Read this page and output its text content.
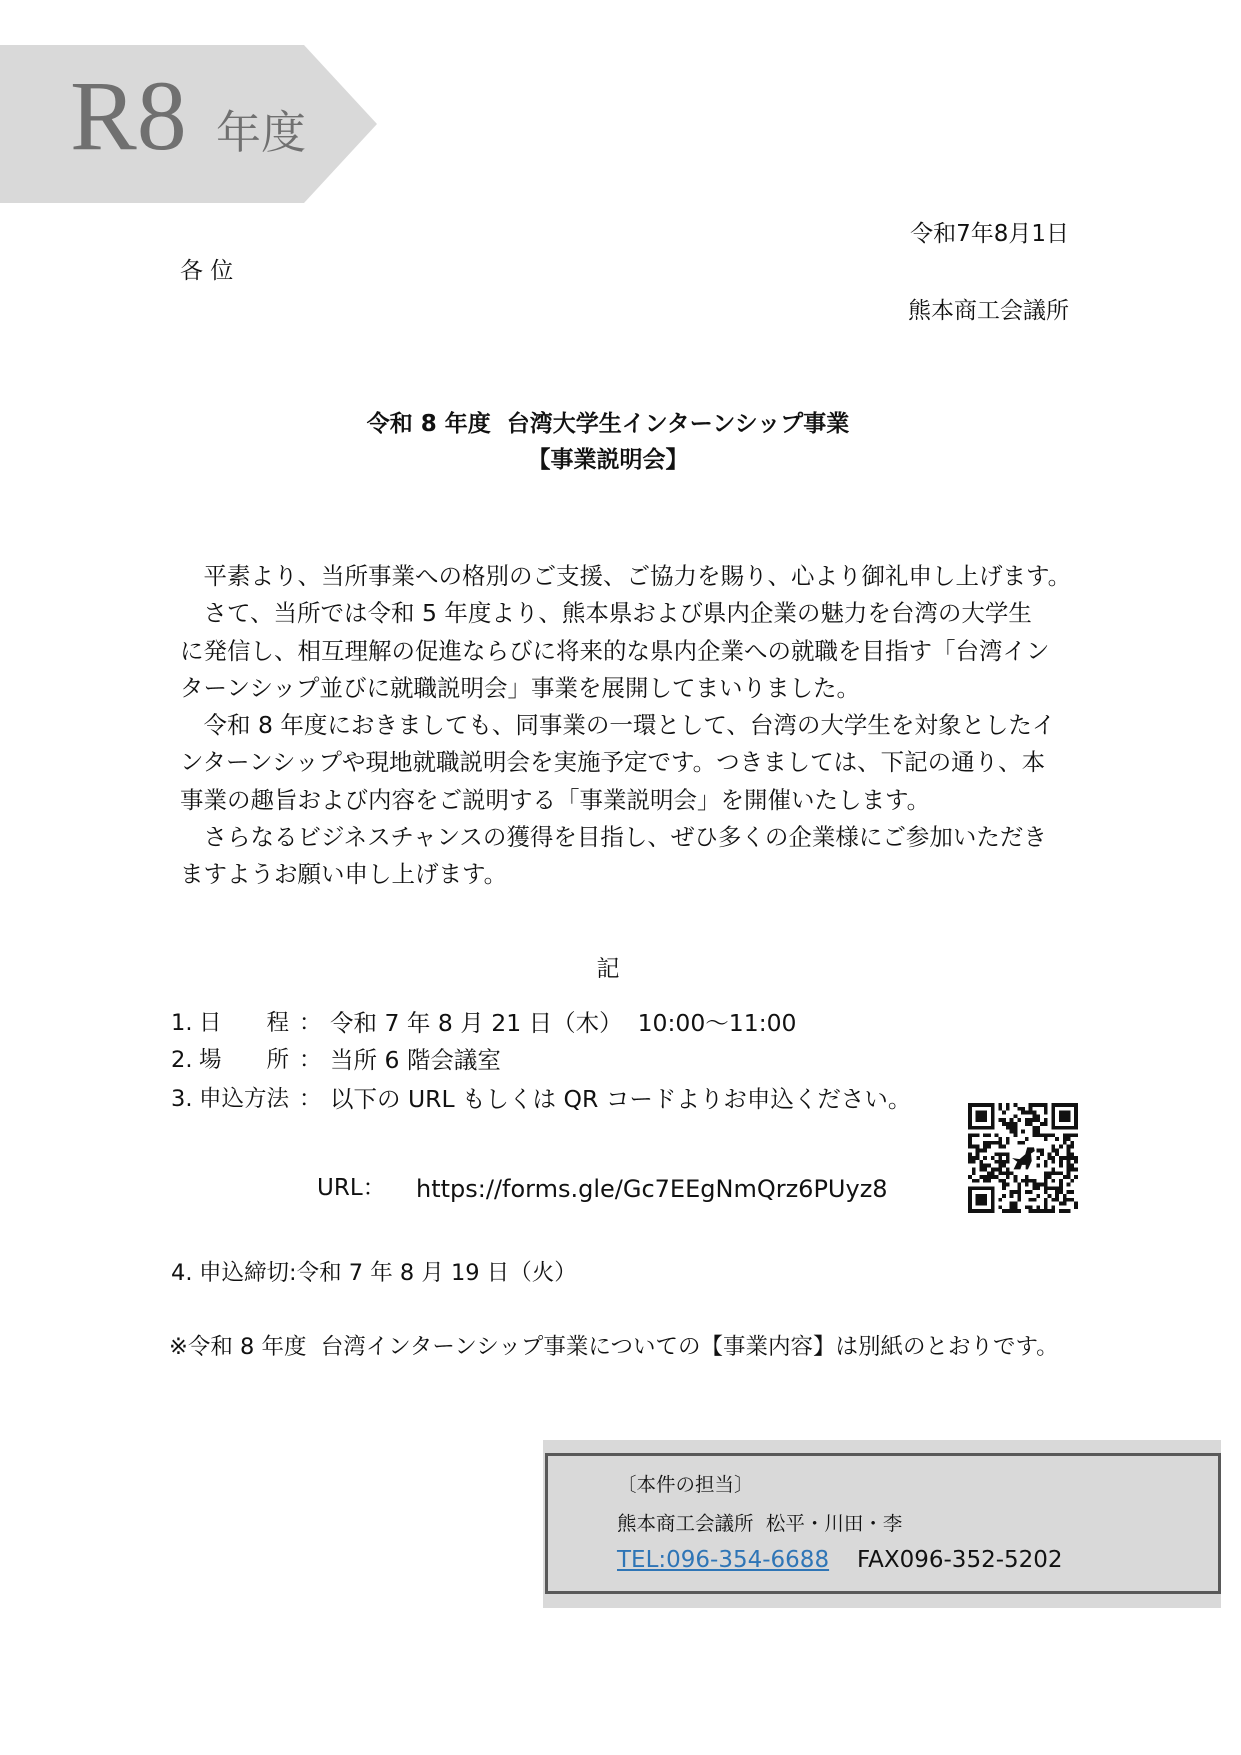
R8 年度
令和7年8月1日
各 位
熊本商工会議所
令和 8 年度  台湾大学生インターンシップ事業
【事業説明会】
　平素より、当所事業への格別のご支援、ご協力を賜り、心より御礼申し上げます。
　さて、当所では令和 5 年度より、熊本県および県内企業の魅力を台湾の大学生
に発信し、相互理解の促進ならびに将来的な県内企業への就職を目指す「台湾イン
ターンシップ並びに就職説明会」事業を展開してまいりました。
　令和 8 年度におきましても、同事業の一環として、台湾の大学生を対象としたイ
ンターンシップや現地就職説明会を実施予定です。つきましては、下記の通り、本
事業の趣旨および内容をご説明する「事業説明会」を開催いたします。
　さらなるビジネスチャンスの獲得を目指し、ぜひ多くの企業様にご参加いただき
ますようお願い申し上げます。
記
1. 日　　程 ： 令和 7 年 8 月 21 日（木）  10:00～11:00
2. 場　　所 ： 当所 6 階会議室
3. 申込方法 ： 以下の URL もしくは QR コードよりお申込ください。
URL： https://forms.gle/Gc7EEgNmQrz6PUyz8
4. 申込締切:令和 7 年 8 月 19 日（火）
※令和 8 年度  台湾インターンシップ事業についての【事業内容】は別紙のとおりです。
〔本件の担当〕
熊本商工会議所  松平・川田・李
TEL:096-354-6688 FAX096-352-5202
